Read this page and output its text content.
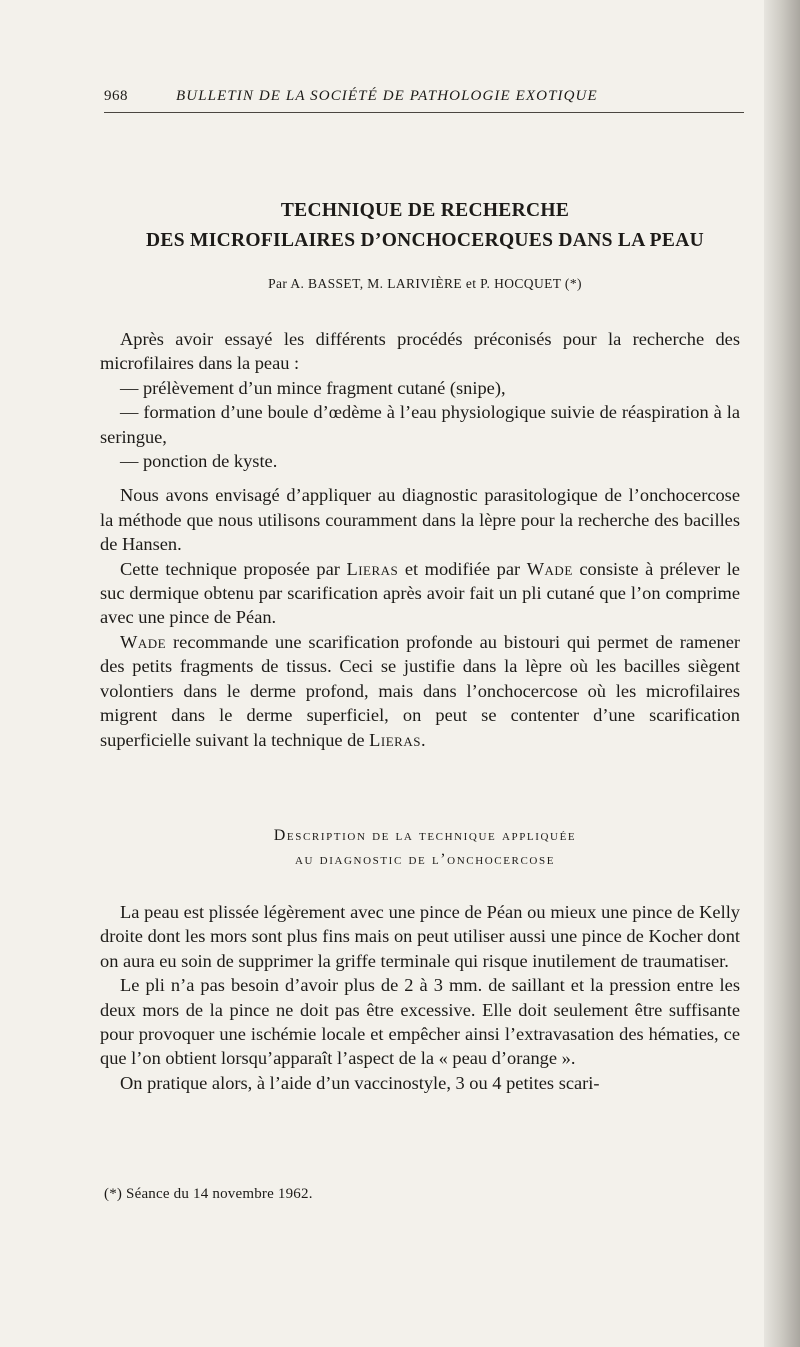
968	BULLETIN DE LA SOCIÉTÉ DE PATHOLOGIE EXOTIQUE
TECHNIQUE DE RECHERCHE
DES MICROFILAIRES D’ONCHOCERQUES DANS LA PEAU
Par A. BASSET, M. LARIVIÈRE et P. HOCQUET (*)

Après avoir essayé les différents procédés préconisés pour la recherche des microfilaires dans la peau :

— prélèvement d’un mince fragment cutané (snipe),

— formation d’une boule d’œdème à l’eau physiologique suivie de réaspiration à la seringue,

— ponction de kyste.

Nous avons envisagé d’appliquer au diagnostic parasitologique de l’onchocercose la méthode que nous utilisons couramment dans la lèpre pour la recherche des bacilles de Hansen.

Cette technique proposée par Lieras et modifiée par Wade consiste à prélever le suc dermique obtenu par scarification après avoir fait un pli cutané que l’on comprime avec une pince de Péan.

Wade recommande une scarification profonde au bistouri qui permet de ramener des petits fragments de tissus. Ceci se justifie dans la lèpre où les bacilles siègent volontiers dans le derme profond, mais dans l’onchocercose où les microfilaires migrent dans le derme superficiel, on peut se contenter d’une scarification superficielle suivant la technique de Lieras.

Description de la technique appliquée
au diagnostic de l’onchocercose

La peau est plissée légèrement avec une pince de Péan ou mieux une pince de Kelly droite dont les mors sont plus fins mais on peut utiliser aussi une pince de Kocher dont on aura eu soin de supprimer la griffe terminale qui risque inutilement de traumatiser.

Le pli n’a pas besoin d’avoir plus de 2 à 3 mm. de saillant et la pression entre les deux mors de la pince ne doit pas être excessive. Elle doit seulement être suffisante pour provoquer une ischémie locale et empêcher ainsi l’extravasation des hématies, ce que l’on obtient lorsqu’apparaît l’aspect de la « peau d’orange ».

On pratique alors, à l’aide d’un vaccinostyle, 3 ou 4 petites scari-

(*) Séance du 14 novembre 1962.
